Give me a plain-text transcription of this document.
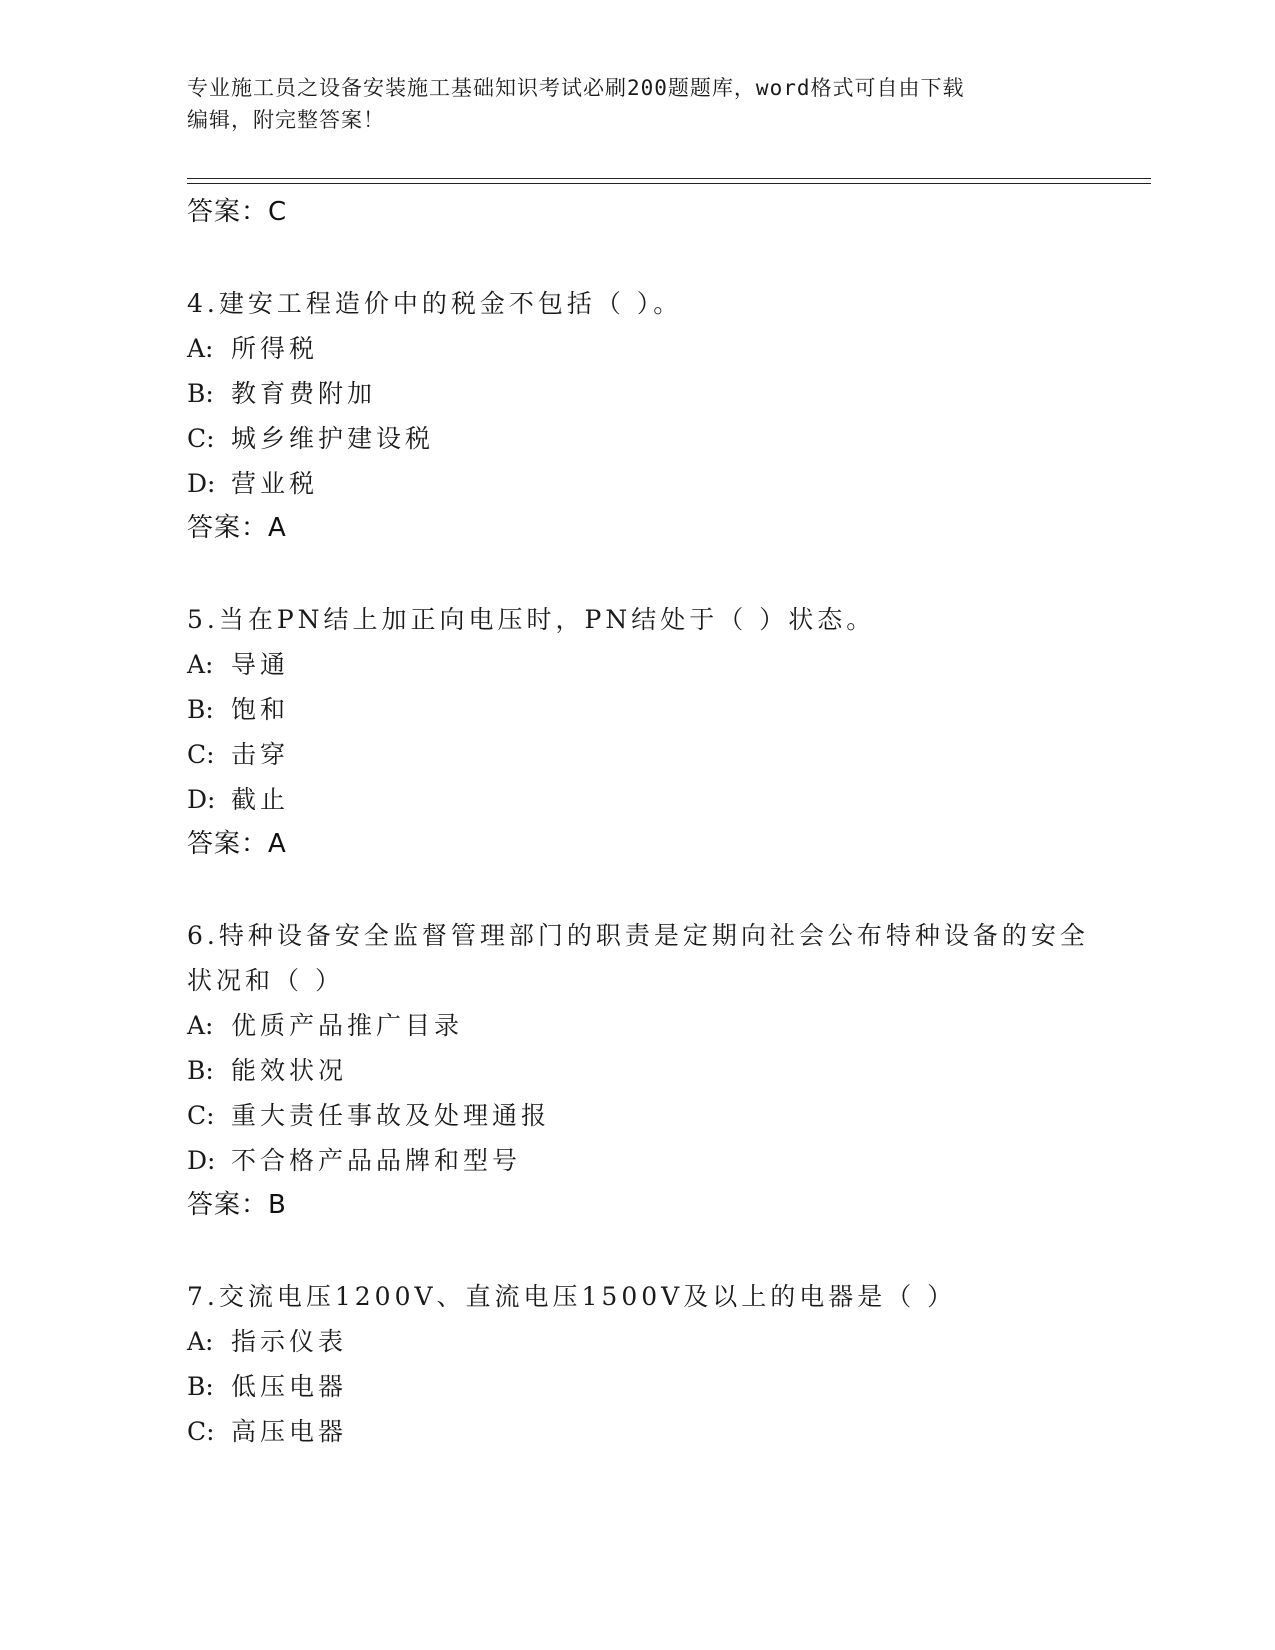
专业施工员之设备安装施工基础知识考试必刷200题题库，word格式可自由下载
编辑，附完整答案！
答案：C
4.建安工程造价中的税金不包括（ ）。
A: 所得税
B: 教育费附加
C: 城乡维护建设税
D: 营业税
答案：A
5.当在PN结上加正向电压时，PN结处于（ ）状态。
A: 导通
B: 饱和
C: 击穿
D: 截止
答案：A
6.特种设备安全监督管理部门的职责是定期向社会公布特种设备的安全状况和（ ）
A: 优质产品推广目录
B: 能效状况
C: 重大责任事故及处理通报
D: 不合格产品品牌和型号
答案：B
7.交流电压1200V、直流电压1500V及以上的电器是（ ）
A: 指示仪表
B: 低压电器
C: 高压电器
